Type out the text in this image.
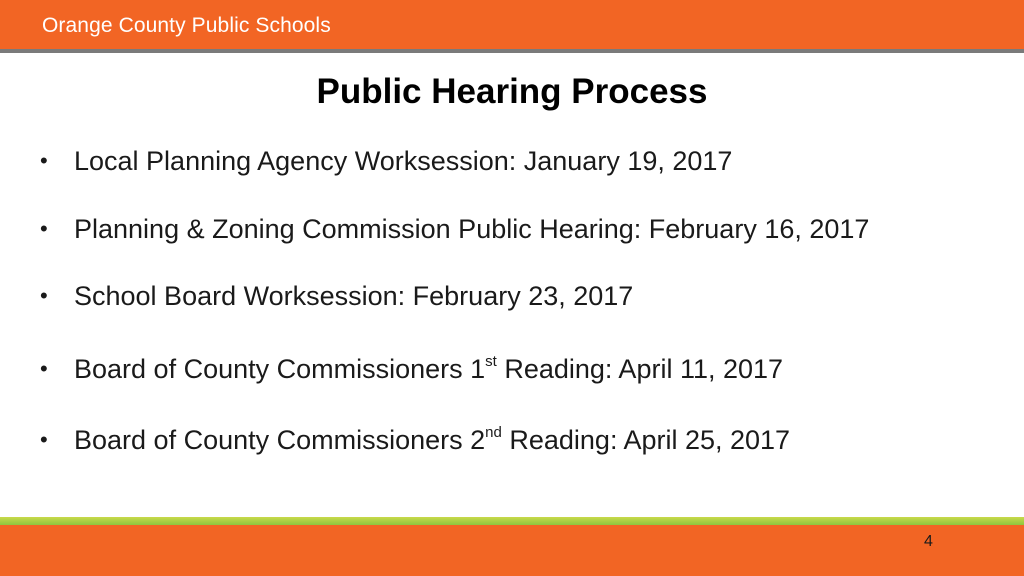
Orange County Public Schools
Public Hearing Process
• Local Planning Agency Worksession: January 19, 2017
• Planning & Zoning Commission Public Hearing: February 16, 2017
• School Board Worksession: February 23, 2017
• Board of County Commissioners 1st Reading: April 11, 2017
• Board of County Commissioners 2nd Reading: April 25, 2017
4
